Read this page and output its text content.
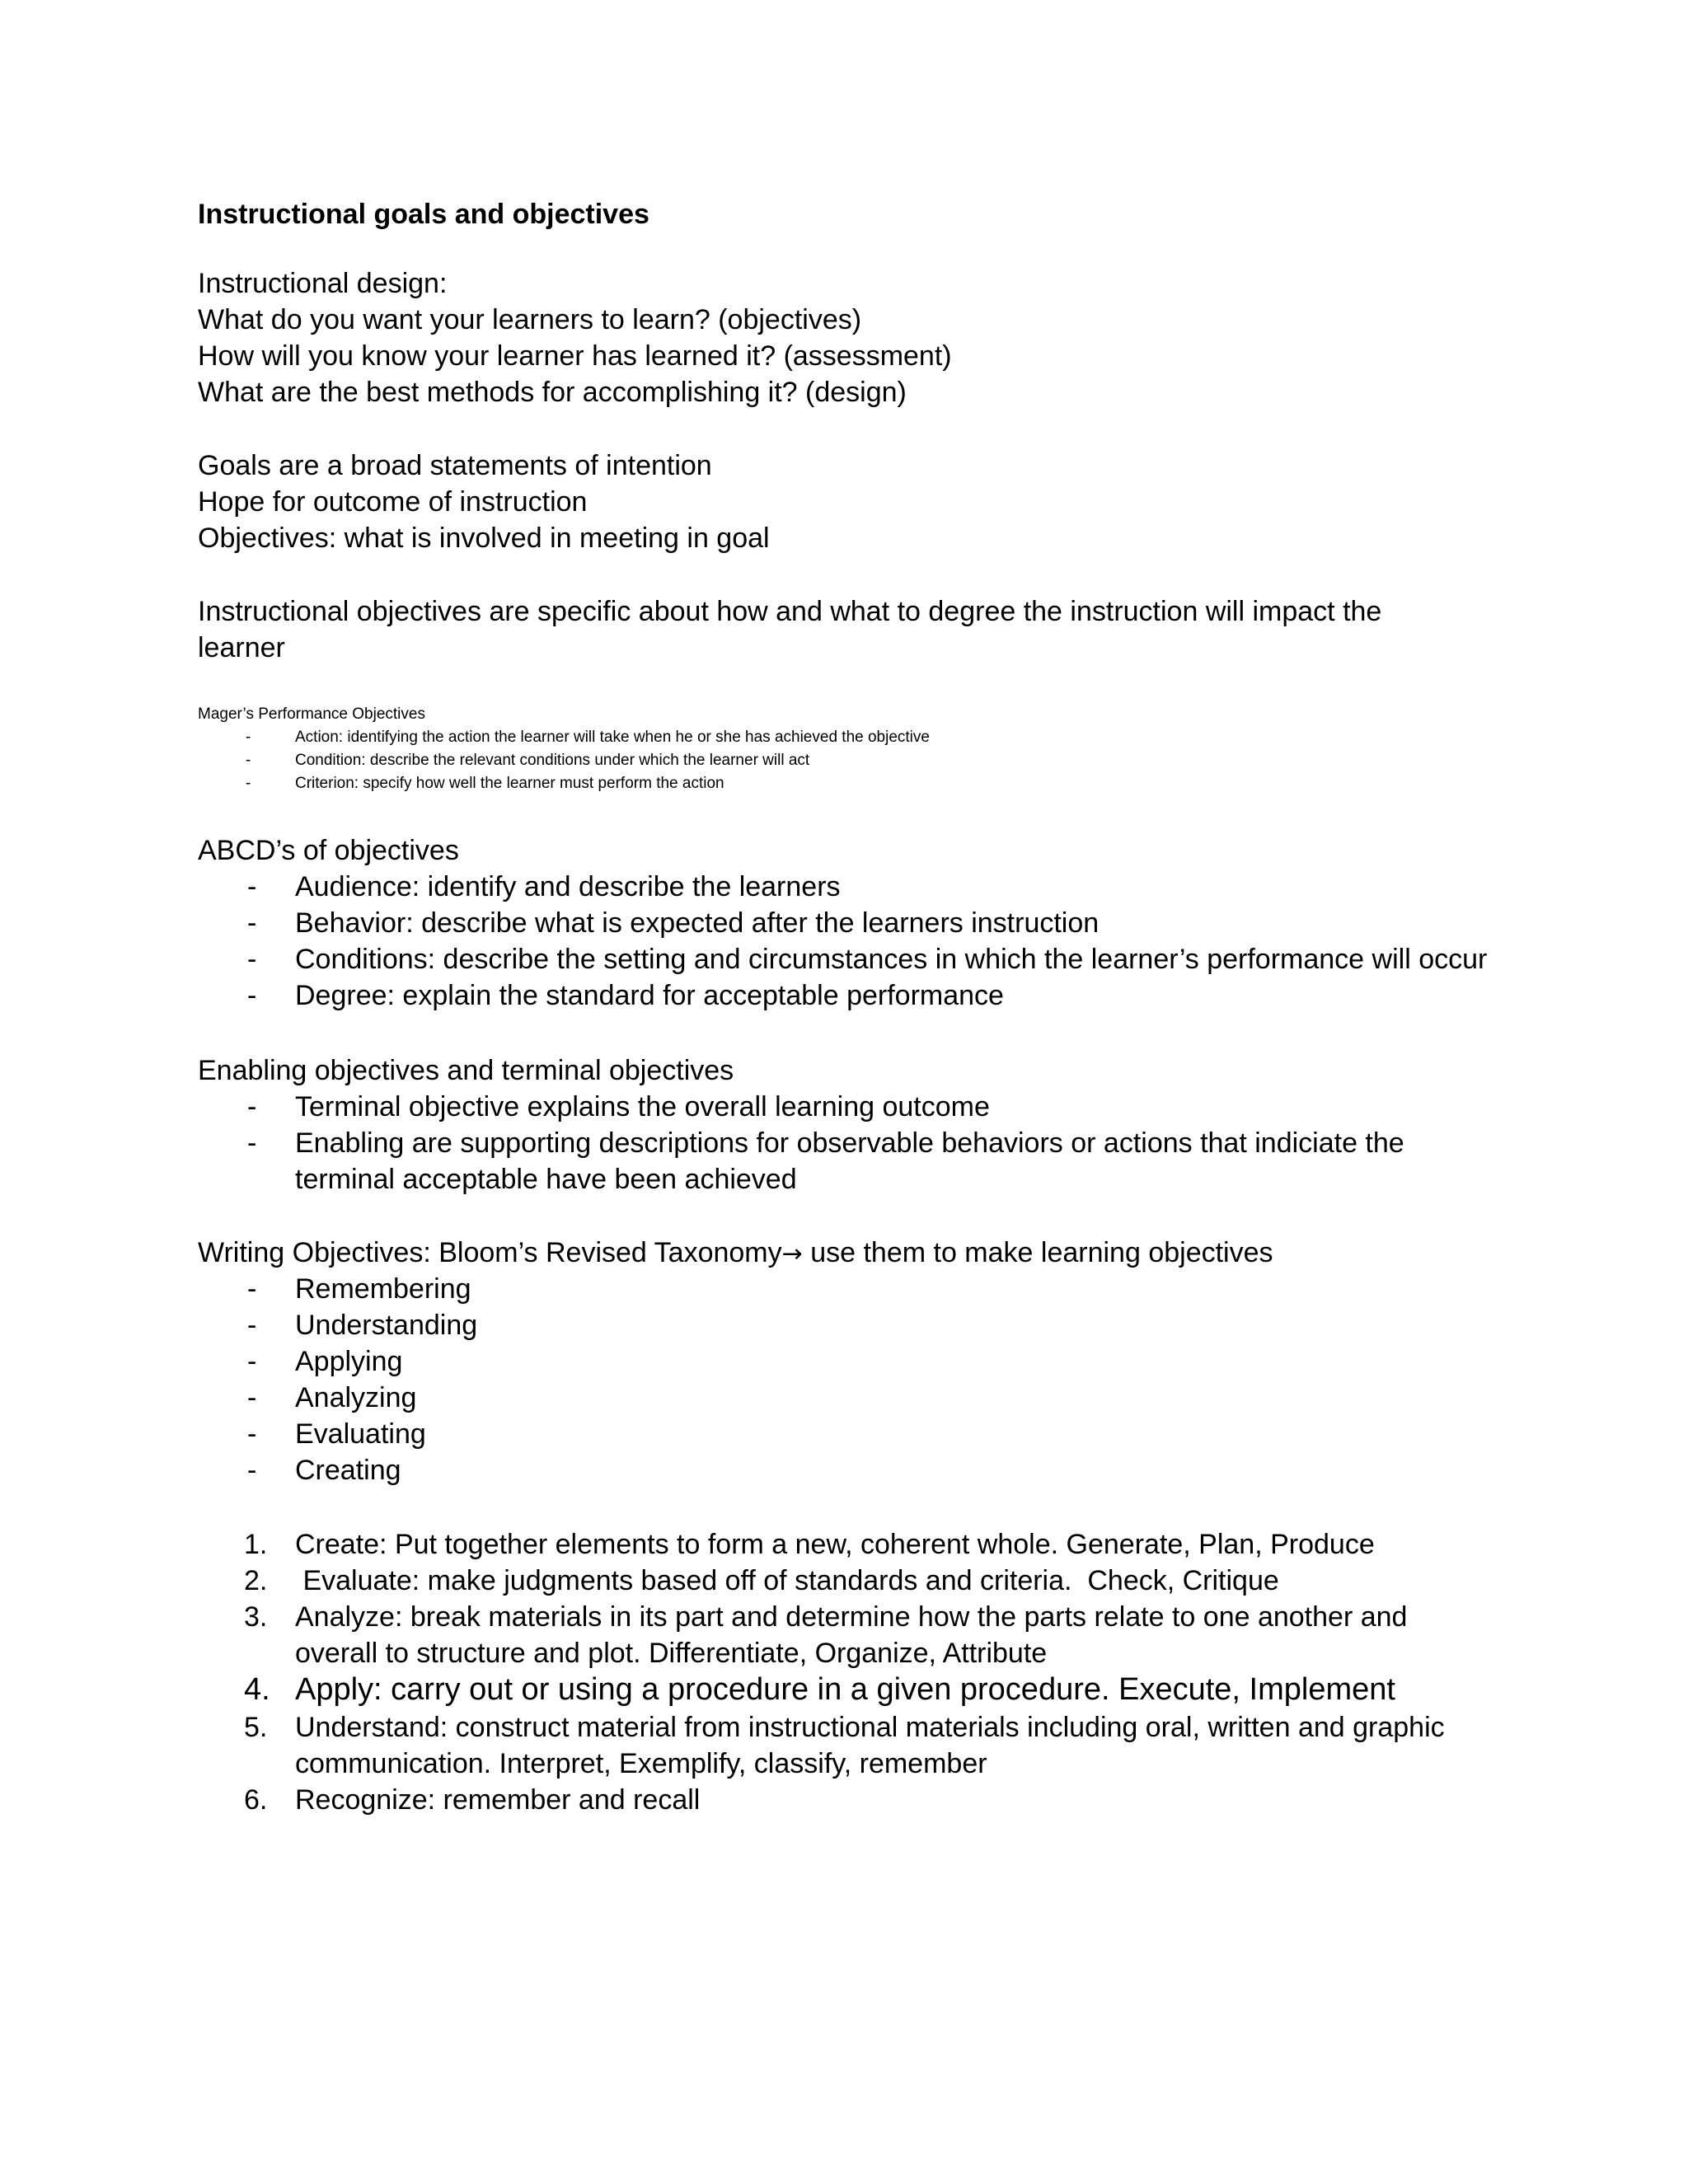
Instructional goals and objectives
Instructional design:
What do you want your learners to learn? (objectives)
How will you know your learner has learned it? (assessment)
What are the best methods for accomplishing it? (design)
Goals are a broad statements of intention
Hope for outcome of instruction
Objectives: what is involved in meeting in goal
Instructional objectives are specific about how and what to degree the instruction will impact the
learner
Mager’s Performance Objectives
-	Action: identifying the action the learner will take when he or she has achieved the objective
-	Condition: describe the relevant conditions under which the learner will act
-	Criterion: specify how well the learner must perform the action
ABCD’s of objectives
- Audience: identify and describe the learners
- Behavior: describe what is expected after the learners instruction
- Conditions: describe the setting and circumstances in which the learner’s performance will occur
- Degree: explain the standard for acceptable performance
Enabling objectives and terminal objectives
- Terminal objective explains the overall learning outcome
- Enabling are supporting descriptions for observable behaviors or actions that indiciate the
terminal acceptable have been achieved
Writing Objectives: Bloom’s Revised Taxonomy→ use them to make learning objectives
- Remembering
- Understanding
- Applying
- Analyzing
- Evaluating
- Creating
1. Create: Put together elements to form a new, coherent whole. Generate, Plan, Produce
2. Evaluate: make judgments based off of standards and criteria.  Check, Critique
3. Analyze: break materials in its part and determine how the parts relate to one another and
overall to structure and plot. Differentiate, Organize, Attribute
4. Apply: carry out or using a procedure in a given procedure. Execute, Implement
5. Understand: construct material from instructional materials including oral, written and graphic
communication. Interpret, Exemplify, classify, remember
6. Recognize: remember and recall
